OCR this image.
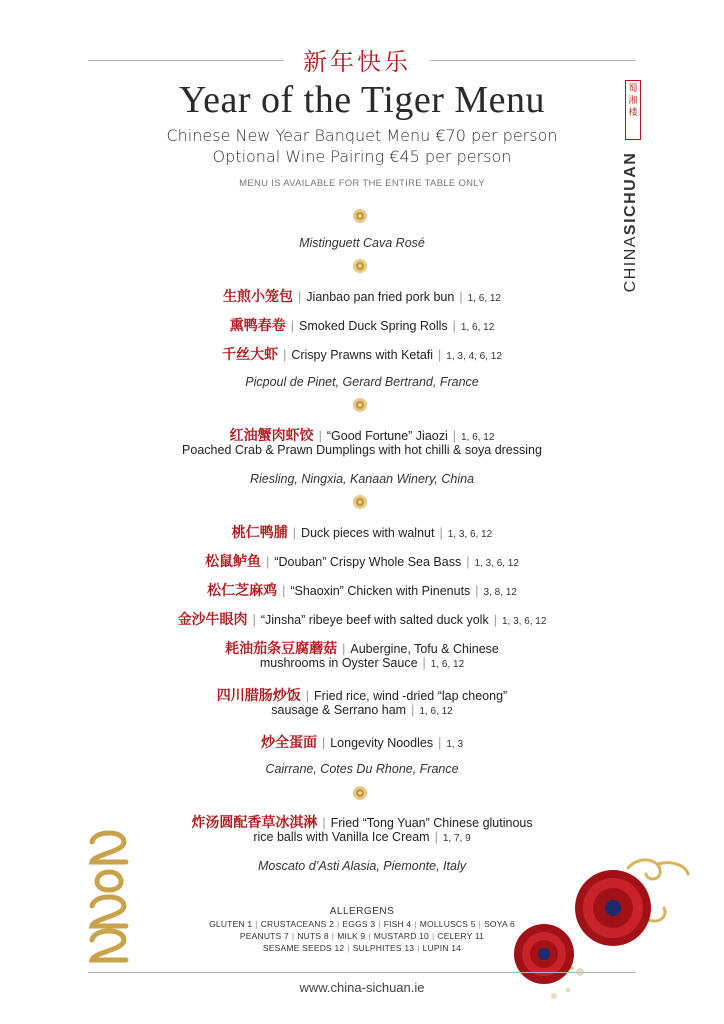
新年快乐
Year of the Tiger Menu
Chinese New Year Banquet Menu €70 per person
Optional Wine Pairing €45 per person
MENU IS AVAILABLE FOR THE ENTIRE TABLE ONLY
蜀湘楼
CHINASICHUAN
Mistinguett Cava Rosé
生煎小笼包 | Jianbao pan fried pork bun | 1, 6, 12
熏鸭春卷 | Smoked Duck Spring Rolls | 1, 6, 12
千丝大虾 | Crispy Prawns with Ketafi | 1, 3, 4, 6, 12
Picpoul de Pinet, Gerard Bertrand, France
红油蟹肉虾饺 | “Good Fortune” Jiaozi | 1, 6, 12
Poached Crab & Prawn Dumplings with hot chilli & soya dressing
Riesling, Ningxia, Kanaan Winery, China
桃仁鸭脯 | Duck pieces with walnut | 1, 3, 6, 12
松鼠鲈鱼 | “Douban” Crispy Whole Sea Bass | 1, 3, 6, 12
松仁芝麻鸡 | “Shaoxin” Chicken with Pinenuts | 3, 8, 12
金沙牛眼肉 | “Jinsha” ribeye beef with salted duck yolk | 1, 3, 6, 12
耗油茄条豆腐蘑菇 | Aubergine, Tofu & Chinese
mushrooms in Oyster Sauce | 1, 6, 12
四川腊肠炒饭 | Fried rice, wind -dried “lap cheong”
sausage & Serrano ham | 1, 6, 12
炒全蛋面 | Longevity Noodles | 1, 3
Cairrane, Cotes Du Rhone, France
炸汤圆配香草冰淇淋 | Fried “Tong Yuan” Chinese glutinous
rice balls with Vanilla Ice Cream | 1, 7, 9
Moscato d’Asti Alasia, Piemonte, Italy
ALLERGENS
GLUTEN 1 | CRUSTACEANS 2 | EGGS 3 | FISH 4 | MOLLUSCS 5 | SOYA 6
PEANUTS 7 | NUTS 8 | MILK 9 | MUSTARD 10 | CELERY 11
SESAME SEEDS 12 | SULPHITES 13 | LUPIN 14
www.china-sichuan.ie
